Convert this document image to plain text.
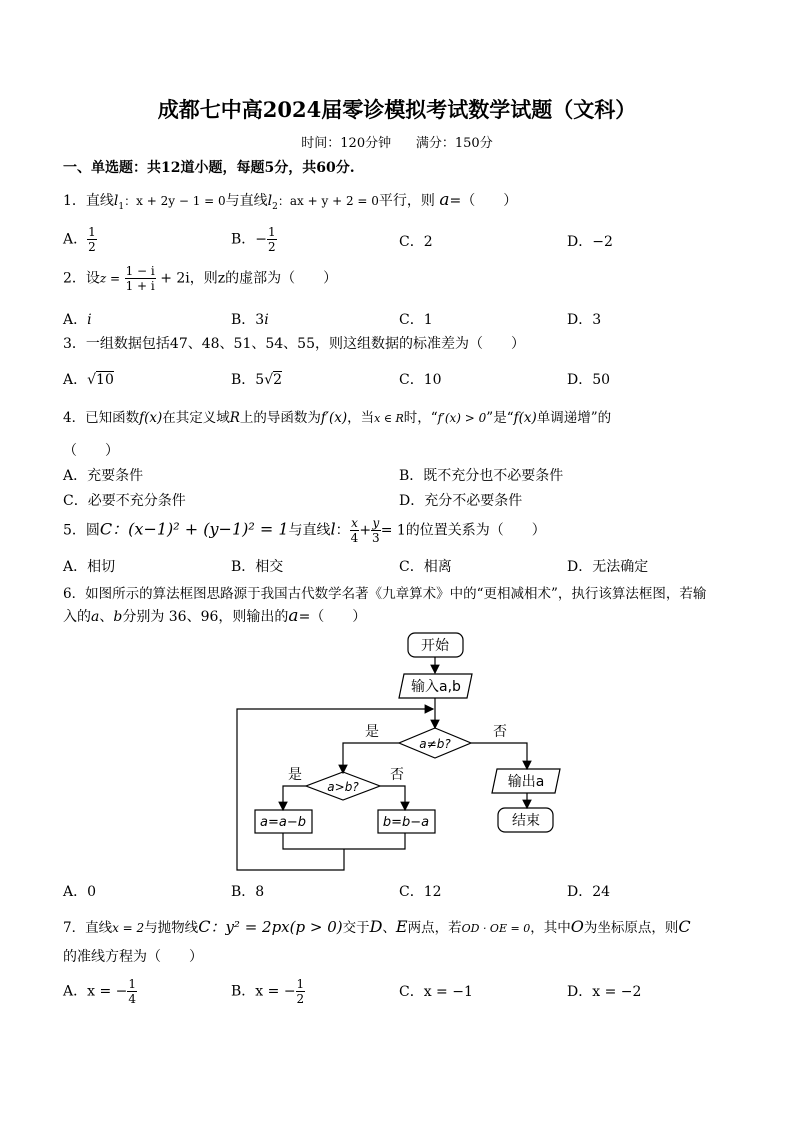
成都七中高2024届零诊模拟考试数学试题（文科）
时间：120分钟      满分：150分
一、单选题：共12道小题，每题5分，共60分.
1．直线$l_1$：x + 2y − 1 = 0与直线$l_2$：ax + y + 2 = 0平行，则 a=（　　）
A． $\frac{1}{2}$	B．− $\frac{1}{2}$	C．2	D．−2
2．设$z = \frac{1 - i}{1 + i} + 2i$，则z的虚部为（　　）
A．i	B．3i	C．1	D．3
3．一组数据包括47、48、51、54、55，则这组数据的标准差为（　　）
A．√10	B．5√2	C．10	D．50
4．已知函数f(x)在其定义域R上的导函数为f′(x)，当x ∈ R时，“f′(x) > 0”是“f(x)单调递增”的
（　　）
A．充要条件	B．既不充分也不必要条件
C．必要不充分条件	D．充分不必要条件
5．圆C：(x−1)² + (y−1)² = 1与直线l： $\frac{x}{4} + \frac{y}{3} = 1$的位置关系为（　　）
A．相切	B．相交	C．相离	D．无法确定
6．如图所示的算法框图思路源于我国古代数学名著《九章算术》中的“更相减相术”，执行该算法框图，若输
入的a、b分别为 36、96，则输出的a=（　　）
开始
输入a,b
a≠b?
是	否
a>b?
是	否
a=a−b	b=b−a
输出a
结束
A．0	B．8	C．12	D．24
7．直线x = 2与抛物线C：y² = 2px(p > 0)交于D、E两点，若OD · OE = 0，其中O为坐标原点，则C
的准线方程为（　　）
A．x = − $\frac{1}{4}$	B．x = − $\frac{1}{2}$	C．x = −1	D．x = −2
